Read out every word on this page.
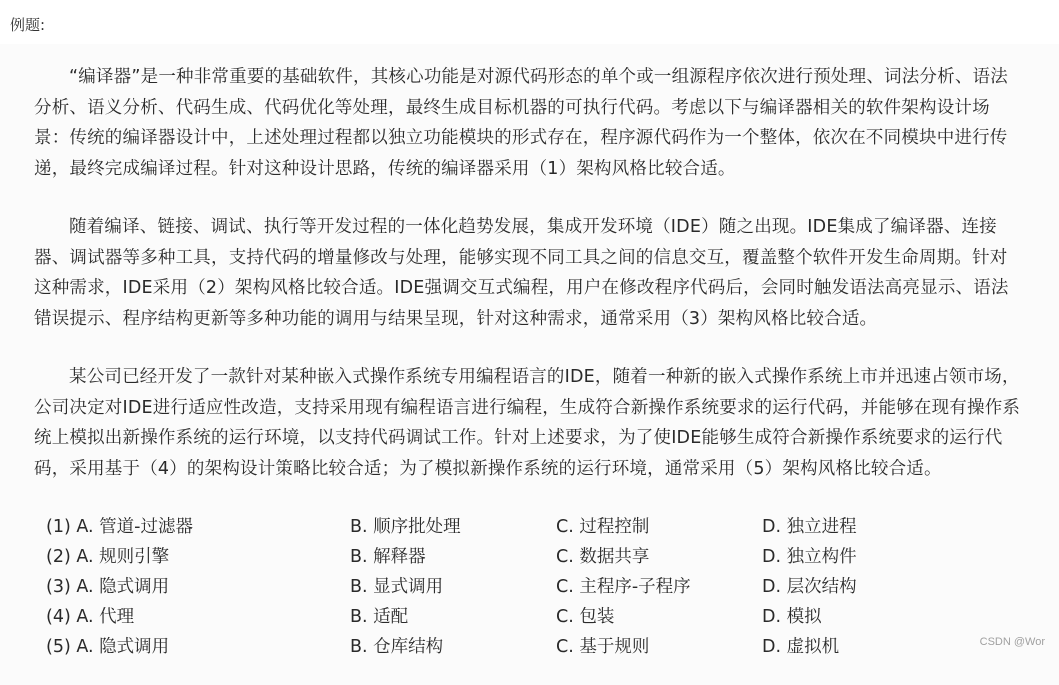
例题:

“编译器”是一种非常重要的基础软件，其核心功能是对源代码形态的单个或一组源程序依次进行预处理、词法分析、语法分析、语义分析、代码生成、代码优化等处理，最终生成目标机器的可执行代码。考虑以下与编译器相关的软件架构设计场景：传统的编译器设计中，上述处理过程都以独立功能模块的形式存在，程序源代码作为一个整体，依次在不同模块中进行传递，最终完成编译过程。针对这种设计思路，传统的编译器采用（1）架构风格比较合适。

随着编译、链接、调试、执行等开发过程的一体化趋势发展，集成开发环境（IDE）随之出现。IDE集成了编译器、连接器、调试器等多种工具，支持代码的增量修改与处理，能够实现不同工具之间的信息交互，覆盖整个软件开发生命周期。针对这种需求，IDE采用（2）架构风格比较合适。IDE强调交互式编程，用户在修改程序代码后，会同时触发语法高亮显示、语法错误提示、程序结构更新等多种功能的调用与结果呈现，针对这种需求，通常采用（3）架构风格比较合适。

某公司已经开发了一款针对某种嵌入式操作系统专用编程语言的IDE，随着一种新的嵌入式操作系统上市并迅速占领市场，公司决定对IDE进行适应性改造，支持采用现有编程语言进行编程，生成符合新操作系统要求的运行代码，并能够在现有操作系统上模拟出新操作系统的运行环境，以支持代码调试工作。针对上述要求，为了使IDE能够生成符合新操作系统要求的运行代码，采用基于（4）的架构设计策略比较合适；为了模拟新操作系统的运行环境，通常采用（5）架构风格比较合适。

(1) A. 管道-过滤器	B. 顺序批处理	C. 过程控制	D. 独立进程
(2) A. 规则引擎	B. 解释器	C. 数据共享	D. 独立构件
(3) A. 隐式调用	B. 显式调用	C. 主程序-子程序	D. 层次结构
(4) A. 代理	B. 适配	C. 包装	D. 模拟
(5) A. 隐式调用	B. 仓库结构	C. 基于规则	D. 虚拟机	CSDN @Wor
